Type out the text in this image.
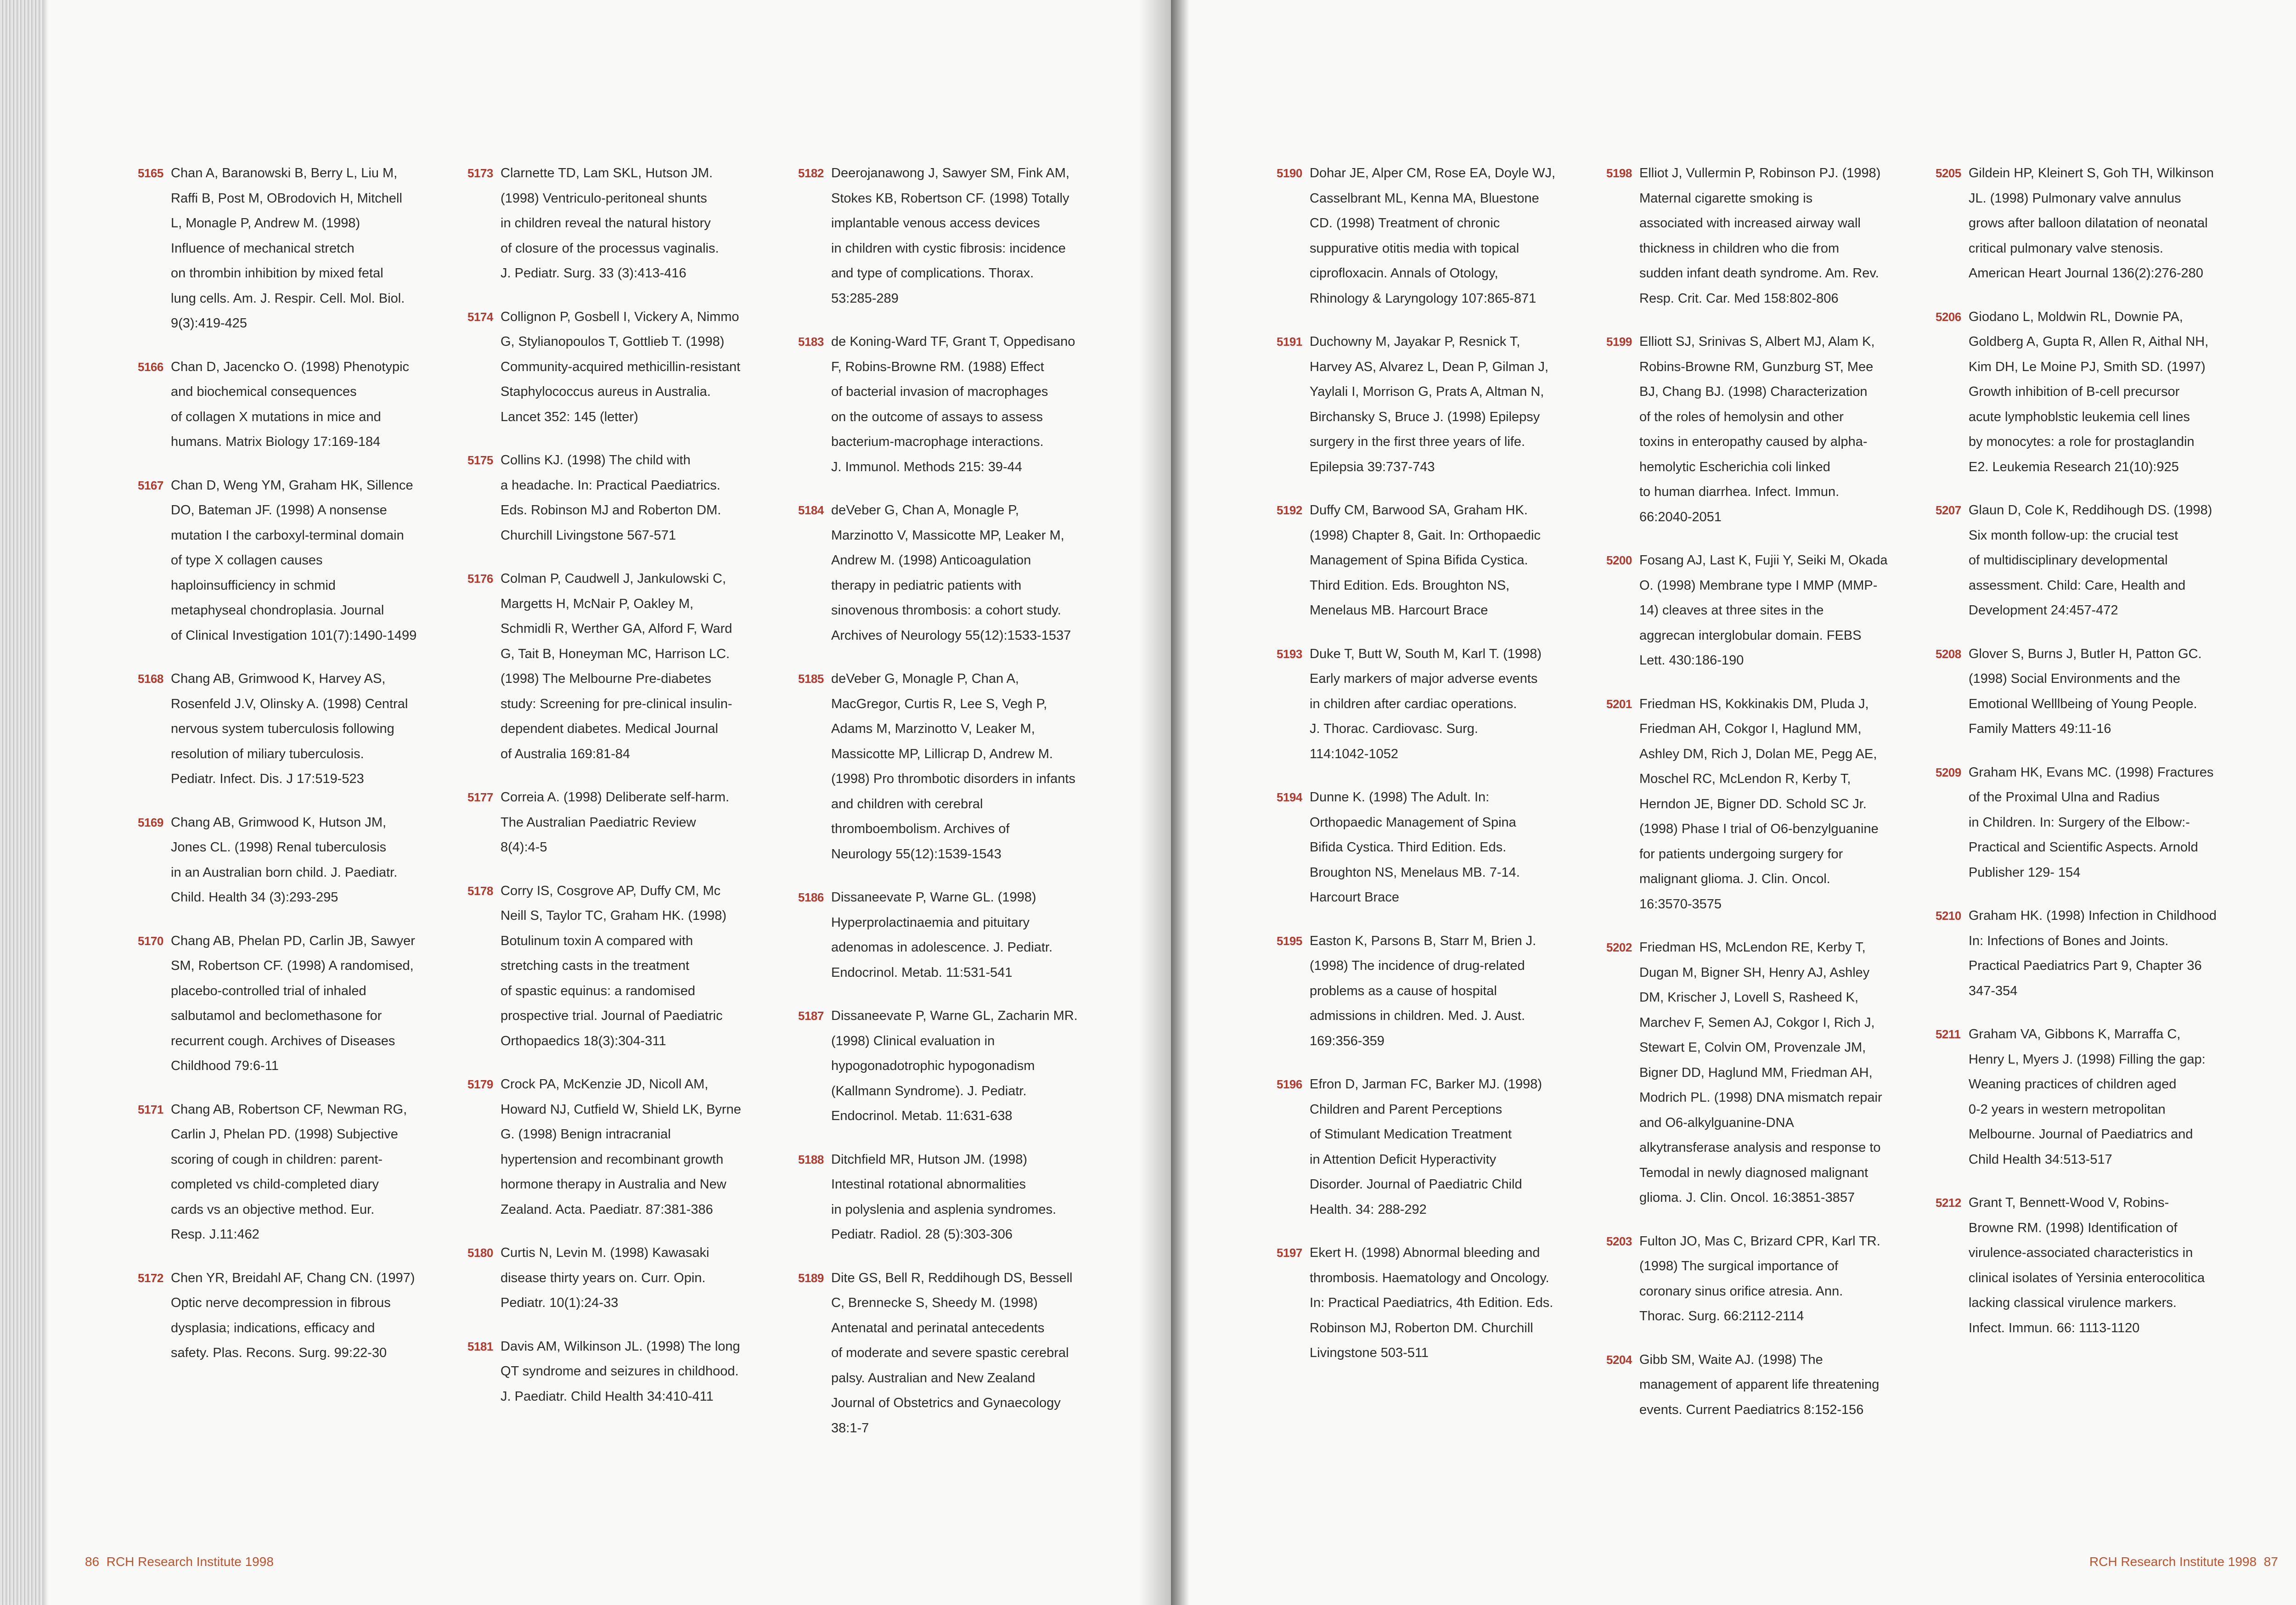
5165 Chan A, Baranowski B, Berry L, Liu M,
Raffi B, Post M, OBrodovich H, Mitchell
L, Monagle P, Andrew M. (1998)
Influence of mechanical stretch
on thrombin inhibition by mixed fetal
lung cells. Am. J. Respir. Cell. Mol. Biol.
9(3):419-425
5166 Chan D, Jacencko O. (1998) Phenotypic
and biochemical consequences
of collagen X mutations in mice and
humans. Matrix Biology 17:169-184
5167 Chan D, Weng YM, Graham HK, Sillence
DO, Bateman JF. (1998) A nonsense
mutation I the carboxyl-terminal domain
of type X collagen causes
haploinsufficiency in schmid
metaphyseal chondroplasia. Journal
of Clinical Investigation 101(7):1490-1499
5168 Chang AB, Grimwood K, Harvey AS,
Rosenfeld J.V, Olinsky A. (1998) Central
nervous system tuberculosis following
resolution of miliary tuberculosis.
Pediatr. Infect. Dis. J 17:519-523
5169 Chang AB, Grimwood K, Hutson JM,
Jones CL. (1998) Renal tuberculosis
in an Australian born child. J. Paediatr.
Child. Health 34 (3):293-295
5170 Chang AB, Phelan PD, Carlin JB, Sawyer
SM, Robertson CF. (1998) A randomised,
placebo-controlled trial of inhaled
salbutamol and beclomethasone for
recurrent cough. Archives of Diseases
Childhood 79:6-11
5171 Chang AB, Robertson CF, Newman RG,
Carlin J, Phelan PD. (1998) Subjective
scoring of cough in children: parent-
completed vs child-completed diary
cards vs an objective method. Eur.
Resp. J.11:462
5172 Chen YR, Breidahl AF, Chang CN. (1997)
Optic nerve decompression in fibrous
dysplasia; indications, efficacy and
safety. Plas. Recons. Surg. 99:22-30
5173 Clarnette TD, Lam SKL, Hutson JM.
(1998) Ventriculo-peritoneal shunts
in children reveal the natural history
of closure of the processus vaginalis.
J. Pediatr. Surg. 33 (3):413-416
5174 Collignon P, Gosbell I, Vickery A, Nimmo
G, Stylianopoulos T, Gottlieb T. (1998)
Community-acquired methicillin-resistant
Staphylococcus aureus in Australia.
Lancet 352: 145 (letter)
5175 Collins KJ. (1998) The child with
a headache. In: Practical Paediatrics.
Eds. Robinson MJ and Roberton DM.
Churchill Livingstone 567-571
5176 Colman P, Caudwell J, Jankulowski C,
Margetts H, McNair P, Oakley M,
Schmidli R, Werther GA, Alford F, Ward
G, Tait B, Honeyman MC, Harrison LC.
(1998) The Melbourne Pre-diabetes
study: Screening for pre-clinical insulin-
dependent diabetes. Medical Journal
of Australia 169:81-84
5177 Correia A. (1998) Deliberate self-harm.
The Australian Paediatric Review
8(4):4-5
5178 Corry IS, Cosgrove AP, Duffy CM, Mc
Neill S, Taylor TC, Graham HK. (1998)
Botulinum toxin A compared with
stretching casts in the treatment
of spastic equinus: a randomised
prospective trial. Journal of Paediatric
Orthopaedics 18(3):304-311
5179 Crock PA, McKenzie JD, Nicoll AM,
Howard NJ, Cutfield W, Shield LK, Byrne
G. (1998) Benign intracranial
hypertension and recombinant growth
hormone therapy in Australia and New
Zealand. Acta. Paediatr. 87:381-386
5180 Curtis N, Levin M. (1998) Kawasaki
disease thirty years on. Curr. Opin.
Pediatr. 10(1):24-33
5181 Davis AM, Wilkinson JL. (1998) The long
QT syndrome and seizures in childhood.
J. Paediatr. Child Health 34:410-411
5182 Deerojanawong J, Sawyer SM, Fink AM,
Stokes KB, Robertson CF. (1998) Totally
implantable venous access devices
in children with cystic fibrosis: incidence
and type of complications. Thorax.
53:285-289
5183 de Koning-Ward TF, Grant T, Oppedisano
F, Robins-Browne RM. (1988) Effect
of bacterial invasion of macrophages
on the outcome of assays to assess
bacterium-macrophage interactions.
J. Immunol. Methods 215: 39-44
5184 deVeber G, Chan A, Monagle P,
Marzinotto V, Massicotte MP, Leaker M,
Andrew M. (1998) Anticoagulation
therapy in pediatric patients with
sinovenous thrombosis: a cohort study.
Archives of Neurology 55(12):1533-1537
5185 deVeber G, Monagle P, Chan A,
MacGregor, Curtis R, Lee S, Vegh P,
Adams M, Marzinotto V, Leaker M,
Massicotte MP, Lillicrap D, Andrew M.
(1998) Pro thrombotic disorders in infants
and children with cerebral
thromboembolism. Archives of
Neurology 55(12):1539-1543
5186 Dissaneevate P, Warne GL. (1998)
Hyperprolactinaemia and pituitary
adenomas in adolescence. J. Pediatr.
Endocrinol. Metab. 11:531-541
5187 Dissaneevate P, Warne GL, Zacharin MR.
(1998) Clinical evaluation in
hypogonadotrophic hypogonadism
(Kallmann Syndrome). J. Pediatr.
Endocrinol. Metab. 11:631-638
5188 Ditchfield MR, Hutson JM. (1998)
Intestinal rotational abnormalities
in polyslenia and asplenia syndromes.
Pediatr. Radiol. 28 (5):303-306
5189 Dite GS, Bell R, Reddihough DS, Bessell
C, Brennecke S, Sheedy M. (1998)
Antenatal and perinatal antecedents
of moderate and severe spastic cerebral
palsy. Australian and New Zealand
Journal of Obstetrics and Gynaecology
38:1-7
86 RCH Research Institute 1998
5190 Dohar JE, Alper CM, Rose EA, Doyle WJ,
Casselbrant ML, Kenna MA, Bluestone
CD. (1998) Treatment of chronic
suppurative otitis media with topical
ciprofloxacin. Annals of Otology,
Rhinology & Laryngology 107:865-871
5191 Duchowny M, Jayakar P, Resnick T,
Harvey AS, Alvarez L, Dean P, Gilman J,
Yaylali I, Morrison G, Prats A, Altman N,
Birchansky S, Bruce J. (1998) Epilepsy
surgery in the first three years of life.
Epilepsia 39:737-743
5192 Duffy CM, Barwood SA, Graham HK.
(1998) Chapter 8, Gait. In: Orthopaedic
Management of Spina Bifida Cystica.
Third Edition. Eds. Broughton NS,
Menelaus MB. Harcourt Brace
5193 Duke T, Butt W, South M, Karl T. (1998)
Early markers of major adverse events
in children after cardiac operations.
J. Thorac. Cardiovasc. Surg.
114:1042-1052
5194 Dunne K. (1998) The Adult. In:
Orthopaedic Management of Spina
Bifida Cystica. Third Edition. Eds.
Broughton NS, Menelaus MB. 7-14.
Harcourt Brace
5195 Easton K, Parsons B, Starr M, Brien J.
(1998) The incidence of drug-related
problems as a cause of hospital
admissions in children. Med. J. Aust.
169:356-359
5196 Efron D, Jarman FC, Barker MJ. (1998)
Children and Parent Perceptions
of Stimulant Medication Treatment
in Attention Deficit Hyperactivity
Disorder. Journal of Paediatric Child
Health. 34: 288-292
5197 Ekert H. (1998) Abnormal bleeding and
thrombosis. Haematology and Oncology.
In: Practical Paediatrics, 4th Edition. Eds.
Robinson MJ, Roberton DM. Churchill
Livingstone 503-511
5198 Elliot J, Vullermin P, Robinson PJ. (1998)
Maternal cigarette smoking is
associated with increased airway wall
thickness in children who die from
sudden infant death syndrome. Am. Rev.
Resp. Crit. Car. Med 158:802-806
5199 Elliott SJ, Srinivas S, Albert MJ, Alam K,
Robins-Browne RM, Gunzburg ST, Mee
BJ, Chang BJ. (1998) Characterization
of the roles of hemolysin and other
toxins in enteropathy caused by alpha-
hemolytic Escherichia coli linked
to human diarrhea. Infect. Immun.
66:2040-2051
5200 Fosang AJ, Last K, Fujii Y, Seiki M, Okada
O. (1998) Membrane type I MMP (MMP-
14) cleaves at three sites in the
aggrecan interglobular domain. FEBS
Lett. 430:186-190
5201 Friedman HS, Kokkinakis DM, Pluda J,
Friedman AH, Cokgor I, Haglund MM,
Ashley DM, Rich J, Dolan ME, Pegg AE,
Moschel RC, McLendon R, Kerby T,
Herndon JE, Bigner DD. Schold SC Jr.
(1998) Phase I trial of O6-benzylguanine
for patients undergoing surgery for
malignant glioma. J. Clin. Oncol.
16:3570-3575
5202 Friedman HS, McLendon RE, Kerby T,
Dugan M, Bigner SH, Henry AJ, Ashley
DM, Krischer J, Lovell S, Rasheed K,
Marchev F, Semen AJ, Cokgor I, Rich J,
Stewart E, Colvin OM, Provenzale JM,
Bigner DD, Haglund MM, Friedman AH,
Modrich PL. (1998) DNA mismatch repair
and O6-alkylguanine-DNA
alkytransferase analysis and response to
Temodal in newly diagnosed malignant
glioma. J. Clin. Oncol. 16:3851-3857
5203 Fulton JO, Mas C, Brizard CPR, Karl TR.
(1998) The surgical importance of
coronary sinus orifice atresia. Ann.
Thorac. Surg. 66:2112-2114
5204 Gibb SM, Waite AJ. (1998) The
management of apparent life threatening
events. Current Paediatrics 8:152-156
5205 Gildein HP, Kleinert S, Goh TH, Wilkinson
JL. (1998) Pulmonary valve annulus
grows after balloon dilatation of neonatal
critical pulmonary valve stenosis.
American Heart Journal 136(2):276-280
5206 Giodano L, Moldwin RL, Downie PA,
Goldberg A, Gupta R, Allen R, Aithal NH,
Kim DH, Le Moine PJ, Smith SD. (1997)
Growth inhibition of B-cell precursor
acute lymphoblstic leukemia cell lines
by monocytes: a role for prostaglandin
E2. Leukemia Research 21(10):925
5207 Glaun D, Cole K, Reddihough DS. (1998)
Six month follow-up: the crucial test
of multidisciplinary developmental
assessment. Child: Care, Health and
Development 24:457-472
5208 Glover S, Burns J, Butler H, Patton GC.
(1998) Social Environments and the
Emotional Welllbeing of Young People.
Family Matters 49:11-16
5209 Graham HK, Evans MC. (1998) Fractures
of the Proximal Ulna and Radius
in Children. In: Surgery of the Elbow:-
Practical and Scientific Aspects. Arnold
Publisher 129- 154
5210 Graham HK. (1998) Infection in Childhood
In: Infections of Bones and Joints.
Practical Paediatrics Part 9, Chapter 36
347-354
5211 Graham VA, Gibbons K, Marraffa C,
Henry L, Myers J. (1998) Filling the gap:
Weaning practices of children aged
0-2 years in western metropolitan
Melbourne. Journal of Paediatrics and
Child Health 34:513-517
5212 Grant T, Bennett-Wood V, Robins-
Browne RM. (1998) Identification of
virulence-associated characteristics in
clinical isolates of Yersinia enterocolitica
lacking classical virulence markers.
Infect. Immun. 66: 1113-1120
RCH Research Institute 1998 87
